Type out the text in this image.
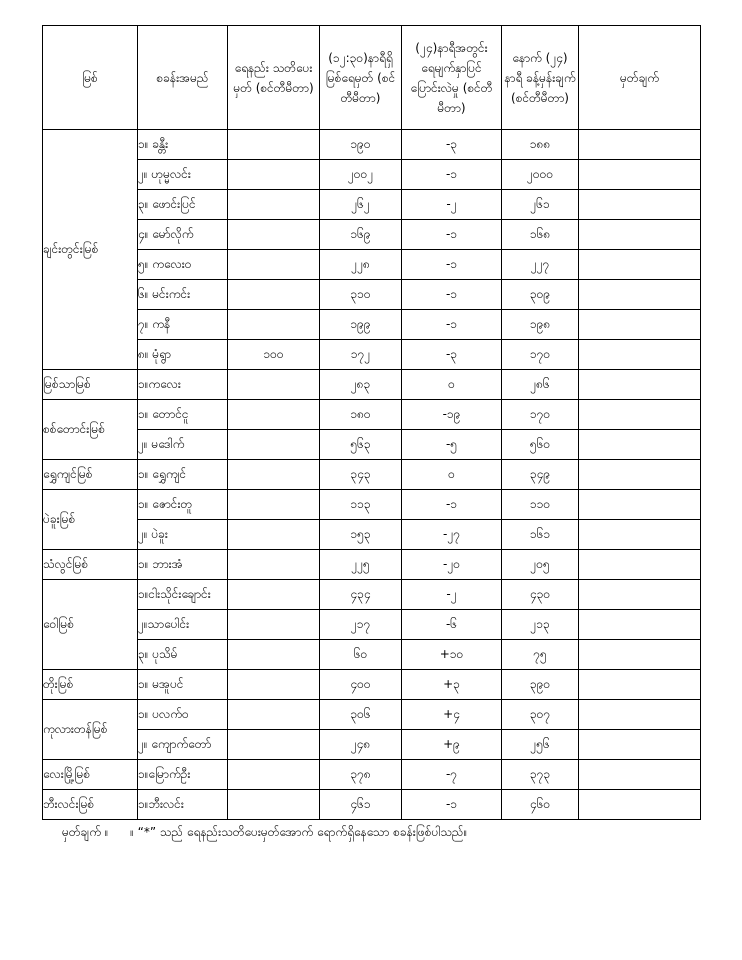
မြစ်	စခန်းအမည်	ရေနည်း သတိပေးမှတ် (စင်တီမီတာ)	(၁၂:၃၀)နာရီရှိ မြစ်ရေမှတ် (စင်တီမီတာ)	(၂၄)နာရီအတွင်း ရေမျက်နှာပြင် ပြောင်းလဲမှု (စင်တီမီတာ)	နောက် (၂၄) နာရီ ခန့်မှန်းချက် (စင်တီမီတာ)	မှတ်ချက်
ချင်းတွင်းမြစ်	၁။ ခန္တီး		၁၉၀	-၃	၁၈၈	
	၂။ ဟုမ္မလင်း		၂၀၀၂	-၁	၂၀၀၀	
	၃။ ဖောင်းပြင်		၂၆၂	-၂	၂၆၁	
	၄။ မော်လိုက်		၁၆၉	-၁	၁၆၈	
	၅။ ကလေးဝ		၂၂၈	-၁	၂၂၇	
	၆။ မင်းကင်း		၃၁၀	-၁	၃၀၉	
	၇။ ကနီ		၁၉၉	-၁	၁၉၈	
	၈။ မုံရွာ	၁၀၀	၁၇၂	-၃	၁၇၀	
မြစ်သာမြစ်	၁။ကလေး		၂၈၃	၀	၂၈၆	
စစ်တောင်းမြစ်	၁။ တောင်ငူ		၁၈၀	-၁၉	၁၇၀	
	၂။ မဒေါက်		၅၆၃	-၅	၅၆၀	
ရွှေကျင်မြစ်	၁။ ရွှေကျင်		၃၄၃	၀	၃၄၉	
ပဲခူးမြစ်	၁။ ဇောင်းတူ		၁၁၃	-၁	၁၁၀	
	၂။ ပဲခူး		၁၅၃	-၂၇	၁၆၁	
သံလွင်မြစ်	၁။ ဘားအံ		၂၂၅	-၂၀	၂၀၅	
ဝေါမြစ်	၁။ငါးသိုင်းချောင်း		၄၃၄	-၂	၄၃၀	
	၂။သာပေါင်း		၂၁၇	-၆	၂၁၃	
	၃။ ပုသိမ်		၆၀	+၁၀	၇၅	
တိုးမြစ်	၁။ မအူပင်		၄၀၀	+၃	၃၉၀	
ကုလားတန်မြစ်	၁။ ပလက်ဝ		၃၀၆	+၄	၃၀၇	
	၂။ ကျောက်တော်		၂၄၈	+၉	၂၅၆	
လေးမြို့မြစ်	၁။မြောက်ဦး		၃၇၈	-၇	၃၇၃	
ဘီးလင်းမြစ်	၁။ဘီးလင်း		၄၆၁	-၁	၄၆၀	
မှတ်ချက် ။ ။ “*” သည် ရေနည်းသတိပေးမှတ်အောက် ရောက်ရှိနေသော စခန်းဖြစ်ပါသည်။
